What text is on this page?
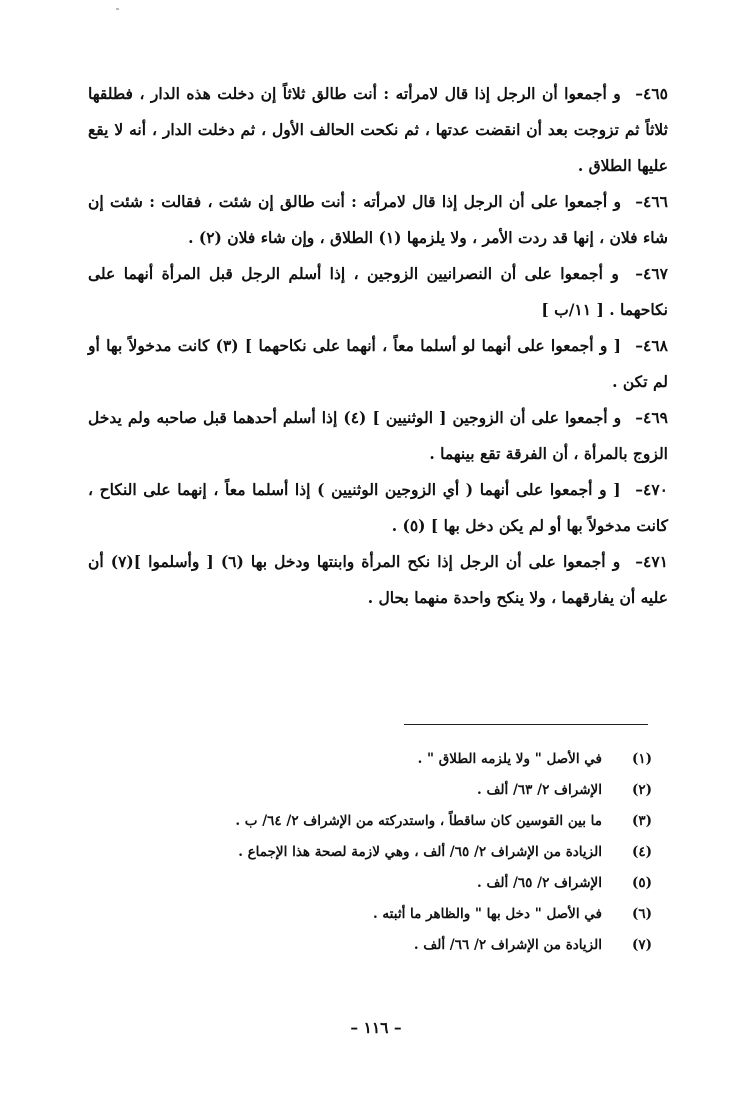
٤٦٥– و أجمعوا أن الرجل إذا قال لامرأته : أنت طالق ثلاثاً إن دخلت هذه الدار ، فطلقها ثلاثاً ثم تزوجت بعد أن انقضت عدتها ، ثم نكحت الحالف الأول ، ثم دخلت الدار ، أنه لا يقع عليها الطلاق .
٤٦٦– و أجمعوا على أن الرجل إذا قال لامرأته : أنت طالق إن شئت ، فقالت : شئت إن شاء فلان ، إنها قد ردت الأمر ، ولا يلزمها (١) الطلاق ، وإن شاء فلان (٢) .
٤٦٧– و أجمعوا على أن النصرانيين الزوجين ، إذا أسلم الرجل قبل المرأة أنهما على نكاحهما . [ ١١/ب ]
٤٦٨– [ و أجمعوا على أنهما لو أسلما معاً ، أنهما على نكاحهما ] (٣) كانت مدخولاً بها أو لم تكن .
٤٦٩– و أجمعوا على أن الزوجين [ الوثنيين ] (٤) إذا أسلم أحدهما قبل صاحبه ولم يدخل الزوج بالمرأة ، أن الفرقة تقع بينهما .
٤٧٠– [ و أجمعوا على أنهما ( أي الزوجين الوثنيين ) إذا أسلما معاً ، إنهما على النكاح ، كانت مدخولاً بها أو لم يكن دخل بها ] (٥) .
٤٧١– و أجمعوا على أن الرجل إذا نكح المرأة وابنتها ودخل بها (٦) [ وأسلموا ](٧) أن عليه أن يفارقهما ، ولا ينكح واحدة منهما بحال .
(١)
في الأصل " ولا يلزمه الطلاق " .
(٢)
الإشراف ٢/ ٦٣/ ألف .
(٣)
ما بين القوسين كان ساقطاً ، واستدركته من الإشراف ٢/ ٦٤/ ب .
(٤)
الزيادة من الإشراف ٢/ ٦٥/ ألف ، وهي لازمة لصحة هذا الإجماع .
(٥)
الإشراف ٢/ ٦٥/ ألف .
(٦)
في الأصل " دخل بها " والظاهر ما أثبته .
(٧)
الزيادة من الإشراف ٢/ ٦٦/ ألف .
– ١١٦ –
